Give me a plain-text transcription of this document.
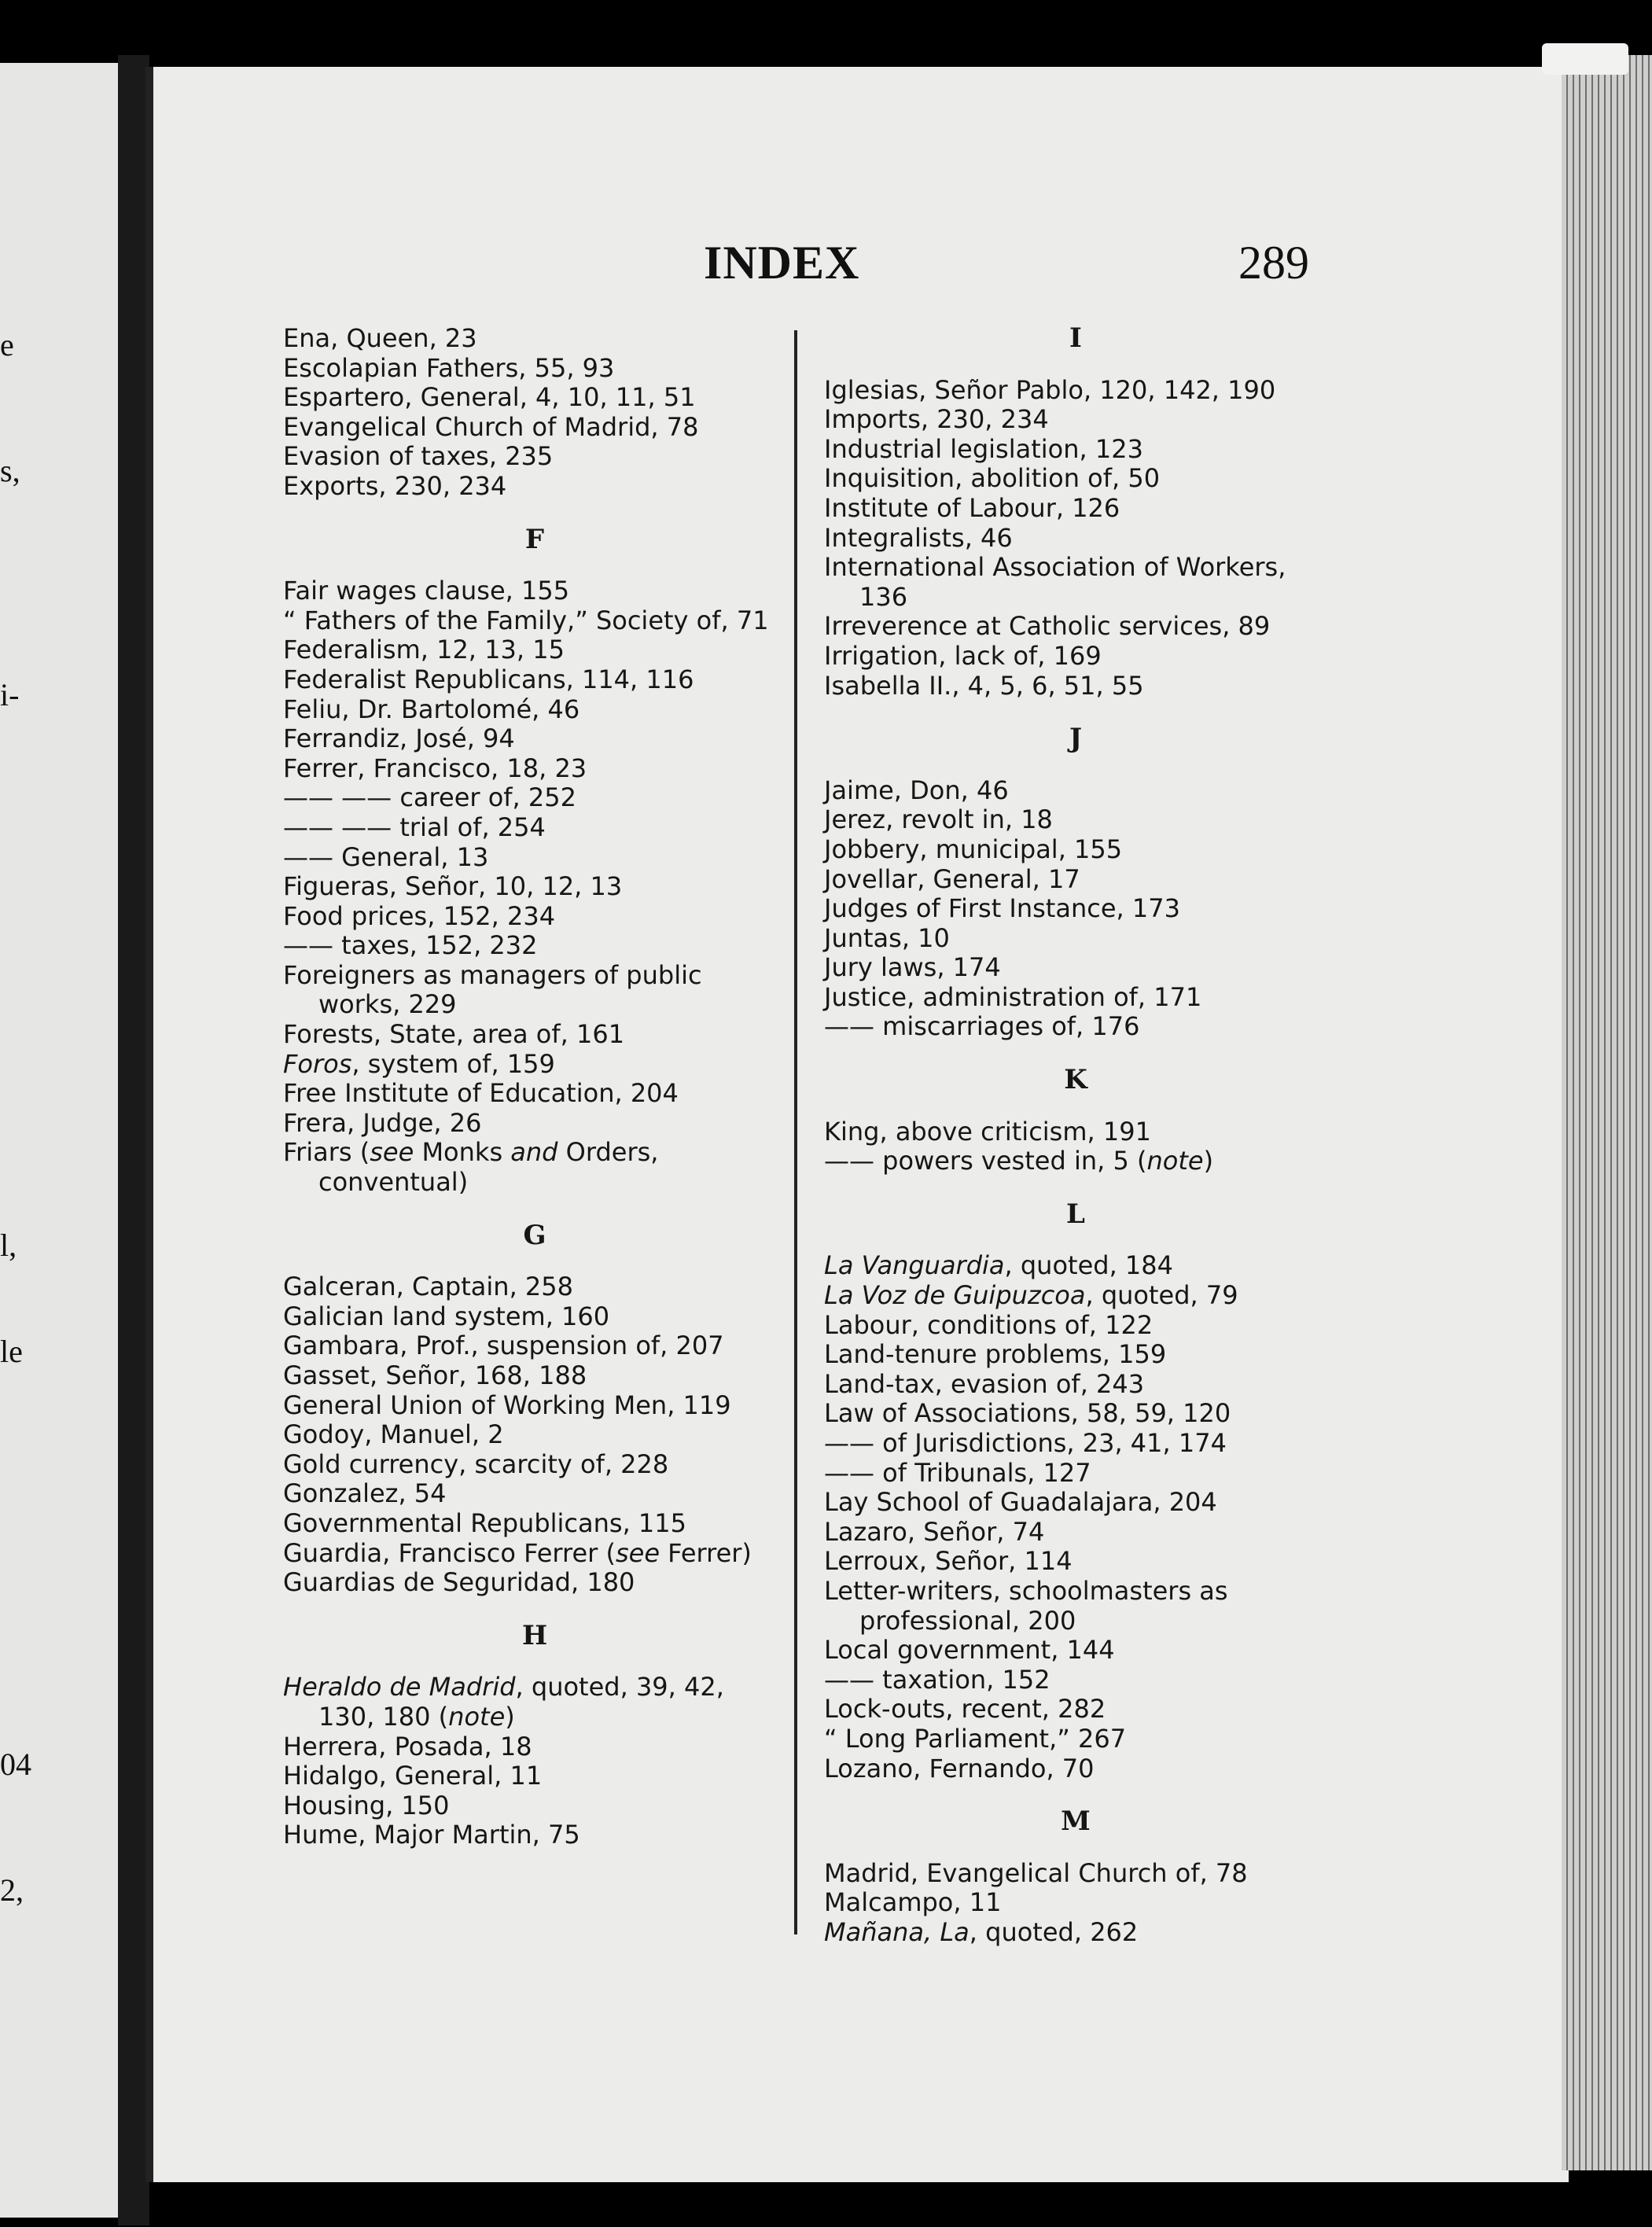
e
s,
i-
l,
le
04
2,
INDEX	289
Ena, Queen, 23
Escolapian Fathers, 55, 93
Espartero, General, 4, 10, 11, 51
Evangelical Church of Madrid, 78
Evasion of taxes, 235
Exports, 230, 234
F
Fair wages clause, 155
“ Fathers of the Family,” Society of, 71
Federalism, 12, 13, 15
Federalist Republicans, 114, 116
Feliu, Dr. Bartolomé, 46
Ferrandiz, José, 94
Ferrer, Francisco, 18, 23
—— —— career of, 252
—— —— trial of, 254
—— General, 13
Figueras, Señor, 10, 12, 13
Food prices, 152, 234
—— taxes, 152, 232
Foreigners as managers of public works, 229
Forests, State, area of, 161
Foros, system of, 159
Free Institute of Education, 204
Frera, Judge, 26
Friars (see Monks and Orders, conventual)
G
Galceran, Captain, 258
Galician land system, 160
Gambara, Prof., suspension of, 207
Gasset, Señor, 168, 188
General Union of Working Men, 119
Godoy, Manuel, 2
Gold currency, scarcity of, 228
Gonzalez, 54
Governmental Republicans, 115
Guardia, Francisco Ferrer (see Ferrer)
Guardias de Seguridad, 180
H
Heraldo de Madrid, quoted, 39, 42, 130, 180 (note)
Herrera, Posada, 18
Hidalgo, General, 11
Housing, 150
Hume, Major Martin, 75
I
Iglesias, Señor Pablo, 120, 142, 190
Imports, 230, 234
Industrial legislation, 123
Inquisition, abolition of, 50
Institute of Labour, 126
Integralists, 46
International Association of Workers, 136
Irreverence at Catholic services, 89
Irrigation, lack of, 169
Isabella II., 4, 5, 6, 51, 55
J
Jaime, Don, 46
Jerez, revolt in, 18
Jobbery, municipal, 155
Jovellar, General, 17
Judges of First Instance, 173
Juntas, 10
Jury laws, 174
Justice, administration of, 171
—— miscarriages of, 176
K
King, above criticism, 191
—— powers vested in, 5 (note)
L
La Vanguardia, quoted, 184
La Voz de Guipuzcoa, quoted, 79
Labour, conditions of, 122
Land-tenure problems, 159
Land-tax, evasion of, 243
Law of Associations, 58, 59, 120
—— of Jurisdictions, 23, 41, 174
—— of Tribunals, 127
Lay School of Guadalajara, 204
Lazaro, Señor, 74
Lerroux, Señor, 114
Letter-writers, schoolmasters as professional, 200
Local government, 144
—— taxation, 152
Lock-outs, recent, 282
“ Long Parliament,” 267
Lozano, Fernando, 70
M
Madrid, Evangelical Church of, 78
Malcampo, 11
Mañana, La, quoted, 262
